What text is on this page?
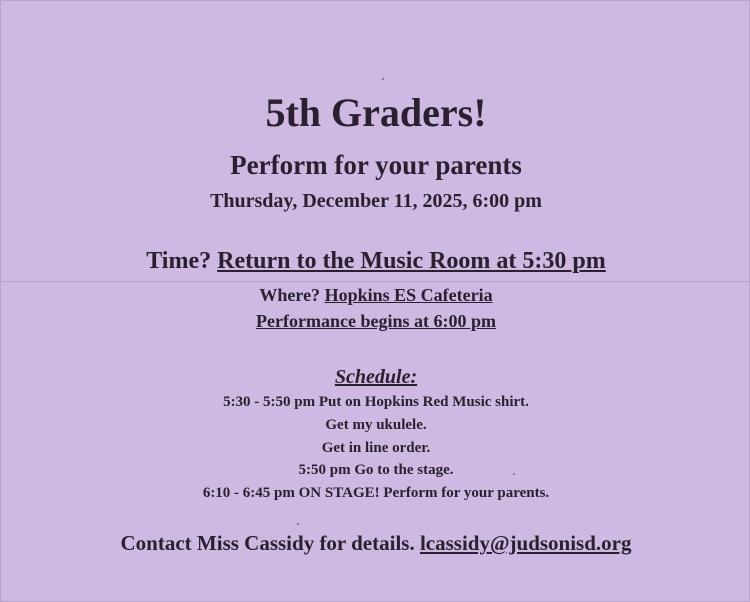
5th Graders!
Perform for your parents
Thursday, December 11, 2025, 6:00 pm
Time? Return to the Music Room at 5:30 pm
Where? Hopkins ES Cafeteria
Performance begins at 6:00 pm
Schedule:
5:30 - 5:50 pm Put on Hopkins Red Music shirt.
Get my ukulele.
Get in line order.
5:50 pm Go to the stage.
6:10 - 6:45 pm ON STAGE! Perform for your parents.
Contact Miss Cassidy for details. lcassidy@judsonisd.org
